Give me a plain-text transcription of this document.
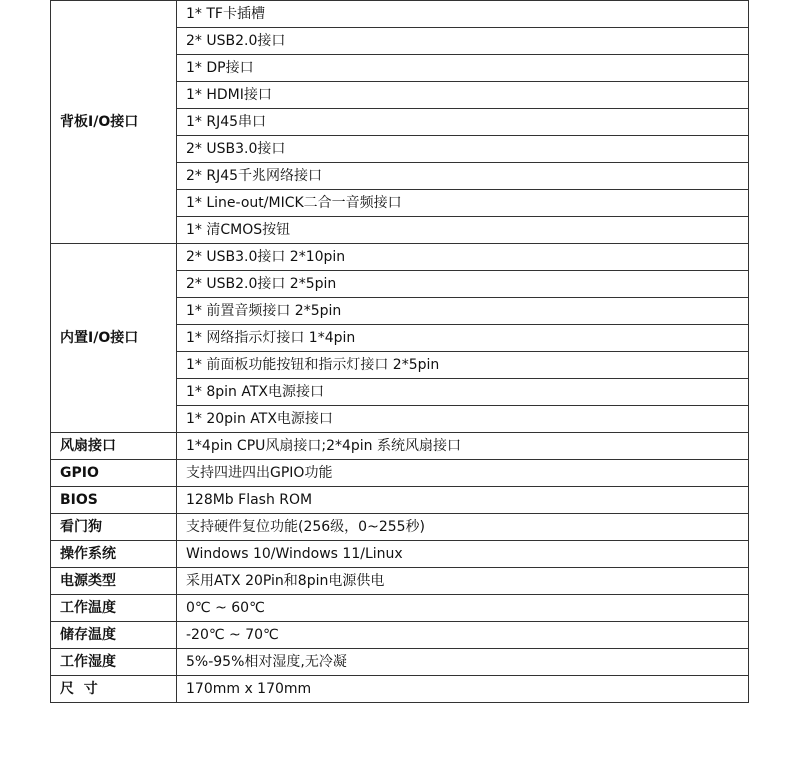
背板I/O接口	1* TF卡插槽
	2* USB2.0接口
	1* DP接口
	1* HDMI接口
	1* RJ45串口
	2* USB3.0接口
	2* RJ45千兆网络接口
	1* Line-out/MICK二合一音频接口
	1* 清CMOS按钮
内置I/O接口	2* USB3.0接口 2*10pin
	2* USB2.0接口 2*5pin
	1* 前置音频接口 2*5pin
	1* 网络指示灯接口 1*4pin
	1* 前面板功能按钮和指示灯接口 2*5pin
	1* 8pin ATX电源接口
	1* 20pin ATX电源接口
风扇接口	1*4pin CPU风扇接口;2*4pin 系统风扇接口
GPIO	支持四进四出GPIO功能
BIOS	128Mb Flash ROM
看门狗	支持硬件复位功能(256级，0~255秒)
操作系统	Windows 10/Windows 11/Linux
电源类型	采用ATX 20Pin和8pin电源供电
工作温度	0℃ ~ 60℃
储存温度	-20℃ ~ 70℃
工作湿度	5%-95%相对湿度,无冷凝
尺  寸	170mm x 170mm
